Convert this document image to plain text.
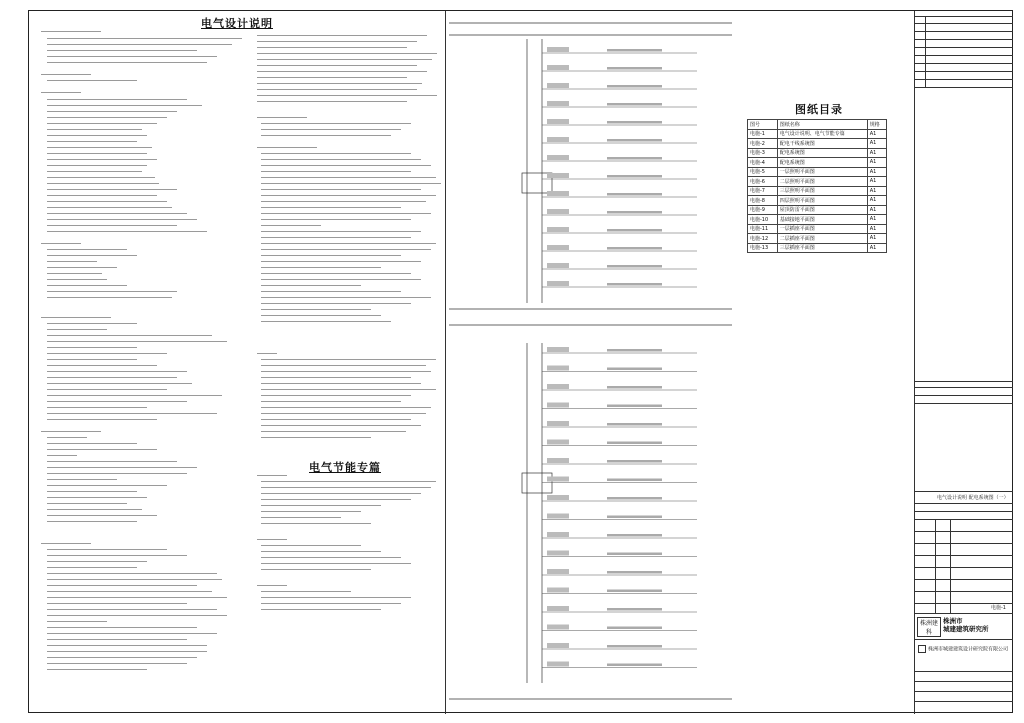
电气设计说明
电气节能专篇
图纸目录
图号	图纸名称	规格
电施-1	电气设计说明、电气节能专篇	A1
电施-2	配电干线系统图	A1
电施-3	配电系统图	A1
电施-4	配电系统图	A1
电施-5	一层照明平面图	A1
电施-6	二层照明平面图	A1
电施-7	三层照明平面图	A1
电施-8	四层照明平面图	A1
电施-9	屋顶防雷平面图	A1
电施-10	基础接地平面图	A1
电施-11	一层插座平面图	A1
电施-12	二层插座平面图	A1
电施-13	三层插座平面图	A1
电气设计说明 配电系统图（一）
电施-1
株洲建科
株洲市
城建建筑研究所
株洲市城建建筑设计研究院有限公司
